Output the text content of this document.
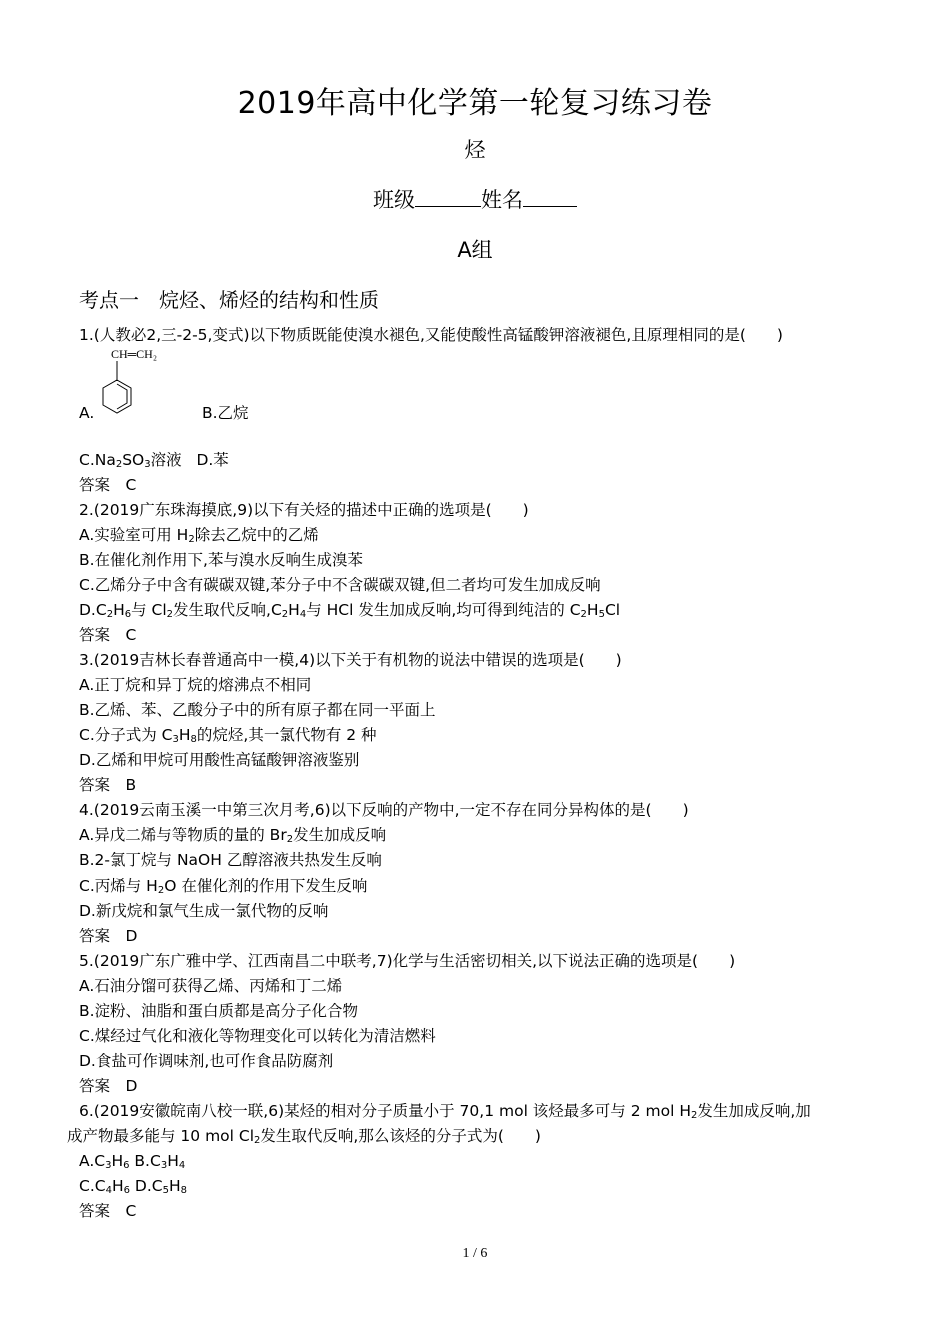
2019年高中化学第一轮复习练习卷
烃
班级	姓名
A组
考点一　烷烃、烯烃的结构和性质
1.(人教必2,三-2-5,变式)以下物质既能使溴水褪色,又能使酸性高锰酸钾溶液褪色,且原理相同的是(　　)
CH═CH₂
A.	B.乙烷
$C.Na_2SO_3$溶液 D.苯
答案　C
2.(2019广东珠海摸底,9)以下有关烃的描述中正确的选项是(　　)
A.实验室可用 $H_2$除去乙烷中的乙烯
B.在催化剂作用下,苯与溴水反响生成溴苯
C.乙烯分子中含有碳碳双键,苯分子中不含碳碳双键,但二者均可发生加成反响
$D.C_2H_6$与 $Cl_2$发生取代反响$,C_2H_4$与 HCl 发生加成反响,均可得到纯洁的 $C_2H_5Cl$
答案　C
3.(2019吉林长春普通高中一模,4)以下关于有机物的说法中错误的选项是(　　)
A.正丁烷和异丁烷的熔沸点不相同
B.乙烯、苯、乙酸分子中的所有原子都在同一平面上
C.分子式为 $C_3H_8$的烷烃,其一氯代物有 2 种
D.乙烯和甲烷可用酸性高锰酸钾溶液鉴别
答案　B
4.(2019云南玉溪一中第三次月考,6)以下反响的产物中,一定不存在同分异构体的是(　　)
A.异戊二烯与等物质的量的 $Br_2$发生加成反响
B.2-氯丁烷与 NaOH 乙醇溶液共热发生反响
C.丙烯与 $H_2O$ 在催化剂的作用下发生反响
D.新戊烷和氯气生成一氯代物的反响
答案　D
5.(2019广东广雅中学、江西南昌二中联考,7)化学与生活密切相关,以下说法正确的选项是(　　)
A.石油分馏可获得乙烯、丙烯和丁二烯
B.淀粉、油脂和蛋白质都是高分子化合物
C.煤经过气化和液化等物理变化可以转化为清洁燃料
D.食盐可作调味剂,也可作食品防腐剂
答案　D
6.(2019安徽皖南八校一联,6)某烃的相对分子质量小于 70,1 mol 该烃最多可与 2 mol $H_2$发生加成反响,加
成产物最多能与 10 mol $Cl_2$发生取代反响,那么该烃的分子式为(　　)
$A.C_3H_6$ $B.C_3H_4$
$C.C_4H_6$ $D.C_5H_8$
答案　C
1 / 6
